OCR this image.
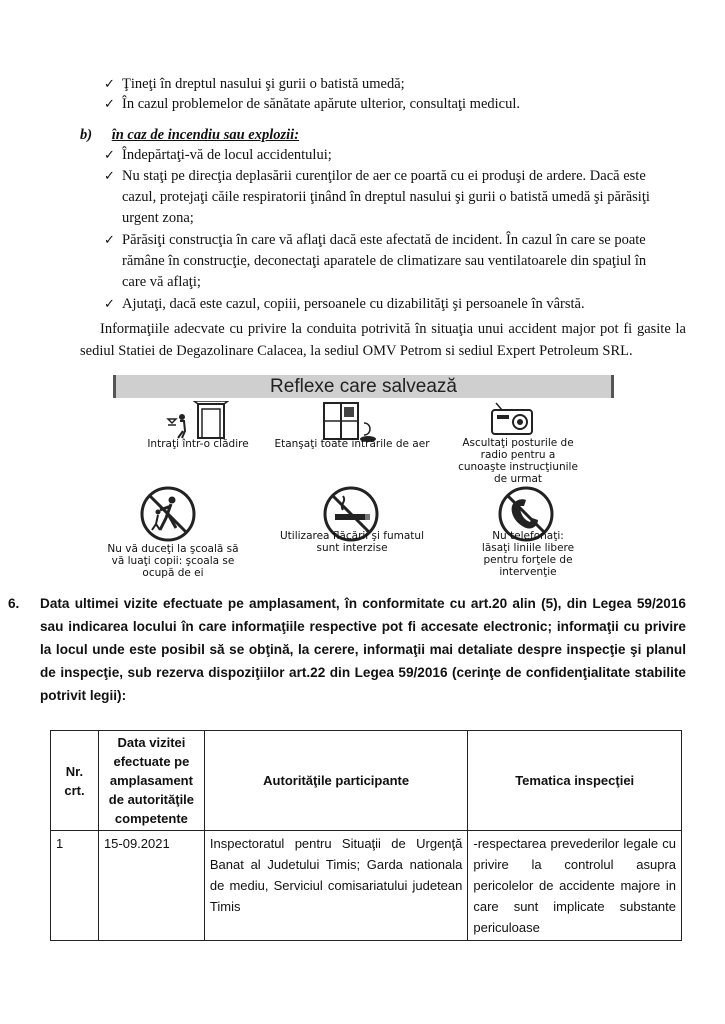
✓ Ţineţi în dreptul nasului şi gurii o batistă umedă;
✓ În cazul problemelor de sănătate apărute ulterior, consultaţi medicul.
b) în caz de incendiu sau explozii:
✓ Îndepărtaţi-vă de locul accidentului;
✓ Nu staţi pe direcţia deplasării curenţilor de aer ce poartă cu ei produşi de ardere. Dacă este
cazul, protejaţi căile respiratorii ţinând în dreptul nasului şi gurii o batistă umedă şi părăsiţi
urgent zona;
✓ Părăsiţi construcţia în care vă aflaţi dacă este afectată de incident. În cazul în care se poate
rămâne în construcţie, deconectaţi aparatele de climatizare sau ventilatoarele din spaţiul în
care vă aflaţi;
✓ Ajutaţi, dacă este cazul, copiii, persoanele cu dizabilităţi şi persoanele în vârstă.
Informaţiile adecvate cu privire la conduita potrivită în situaţia unui accident major pot fi gasite la sediul Statiei de Degazolinare Calacea, la sediul OMV Petrom si sediul Expert Petroleum SRL.
Reflexe care salvează
Intraţi într-o clădire	Etanşaţi toate intrările de aer	Ascultaţi posturile de
radio pentru a
cunoaşte instrucţiunile
de urmat
Nu vă duceţi la şcoală să
vă luaţi copii: şcoala se
ocupă de ei
Utilizarea flăcării şi fumatul
sunt interzise
Nu telefonaţi:
lăsaţi liniile libere
pentru forţele de
intervenţie
6. Data ultimei vizite efectuate pe amplasament, în conformitate cu art.20 alin (5), din Legea 59/2016 sau indicarea locului în care informaţiile respective pot fi accesate electronic; informaţii cu privire la locul unde este posibil să se obţină, la cerere, informaţii mai detaliate despre inspecţie şi planul de inspecţie, sub rezerva dispoziţiilor art.22 din Legea 59/2016 (cerinţe de confidenţialitate stabilite potrivit legii):
Nr. crt.	Data vizitei efectuate pe amplasament de autorităţile competente	Autorităţile participante	Tematica inspecţiei
1	15-09.2021	Inspectoratul pentru Situaţii de Urgenţă Banat al Judetului Timis; Garda nationala de mediu, Serviciul comisariatului judetean Timis	-respectarea prevederilor legale cu privire la controlul asupra pericolelor de accidente majore in care sunt implicate substante periculoase
